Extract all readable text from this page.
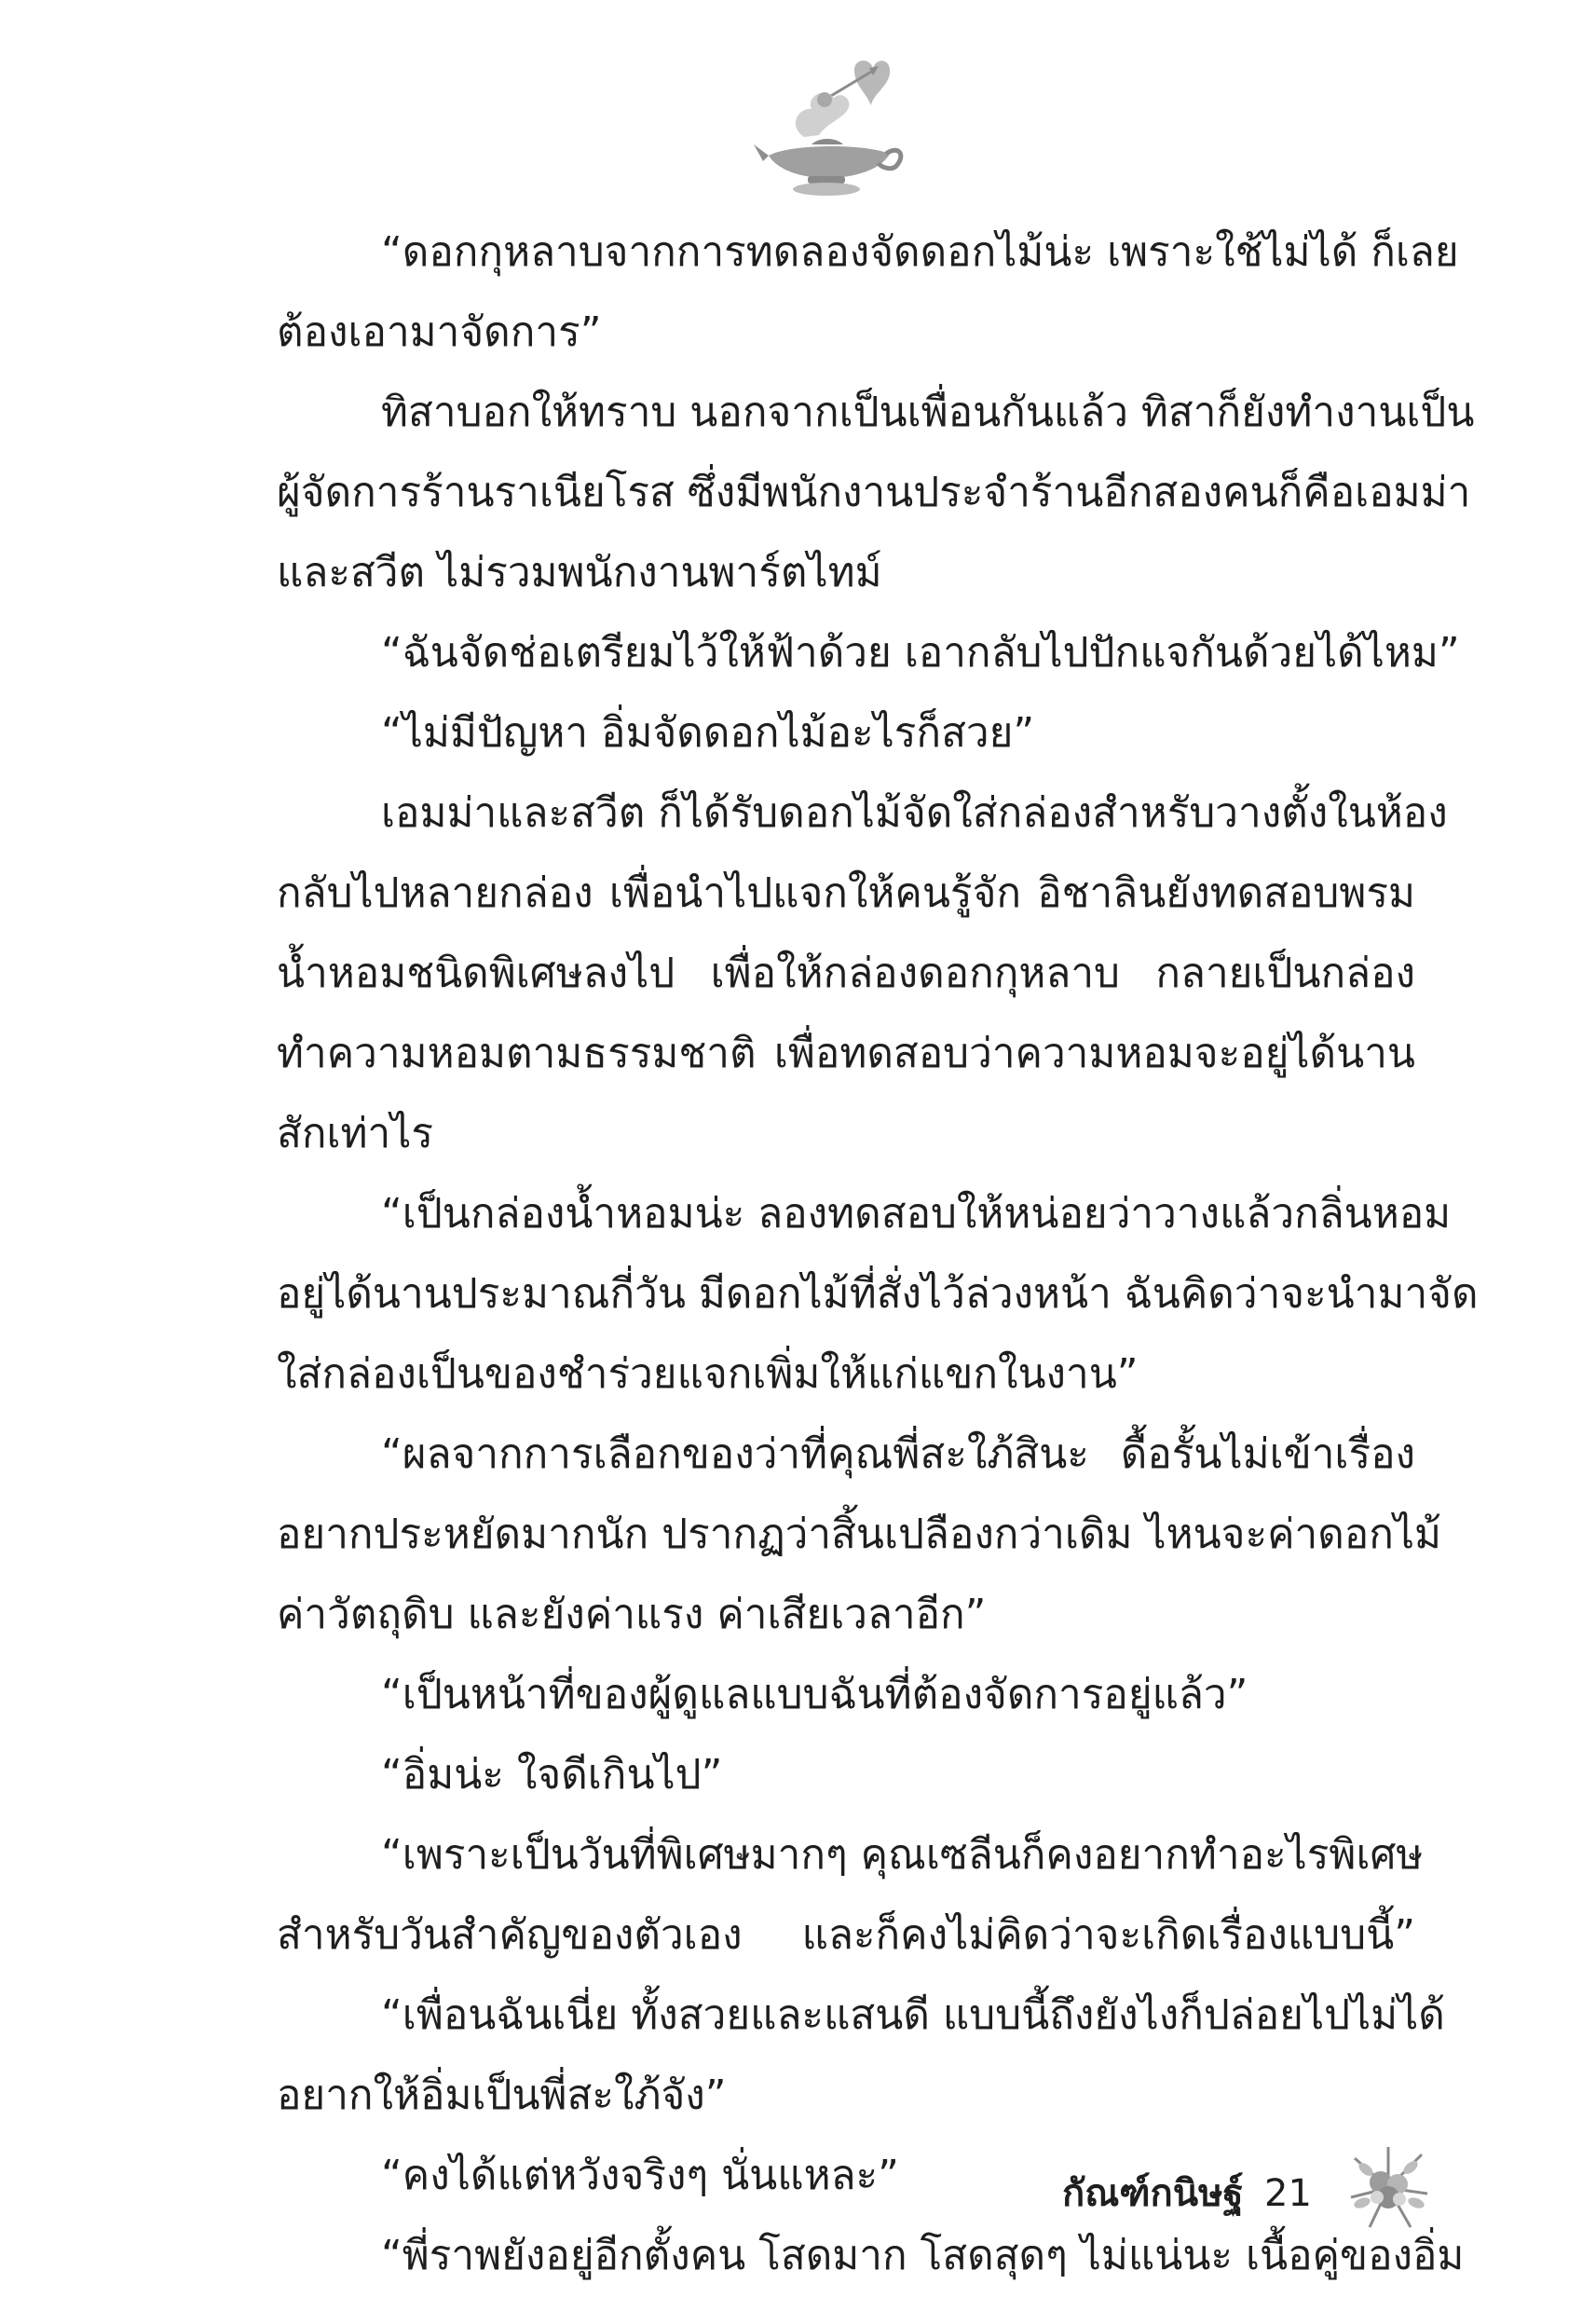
“ดอกกุหลาบจากการทดลองจัดดอกไม้น่ะ เพราะใช้ไม่ได้ ก็เลย
ต้องเอามาจัดการ”
ทิสาบอกให้ทราบ นอกจากเป็นเพื่อนกันแล้ว ทิสาก็ยังทำงานเป็น
ผู้จัดการร้านราเนียโรส ซึ่งมีพนักงานประจำร้านอีกสองคนก็คือเอมม่า
และสวีต ไม่รวมพนักงานพาร์ตไทม์
“ฉันจัดช่อเตรียมไว้ให้ฟ้าด้วย เอากลับไปปักแจกันด้วยได้ไหม”
“ไม่มีปัญหา อิ่มจัดดอกไม้อะไรก็สวย”
เอมม่าและสวีต ก็ได้รับดอกไม้จัดใส่กล่องสำหรับวางตั้งในห้อง
กลับไปหลายกล่อง เพื่อนำไปแจกให้คนรู้จัก อิชาลินยังทดสอบพรม
น้ำหอมชนิดพิเศษลงไป เพื่อให้กล่องดอกกุหลาบ กลายเป็นกล่อง
ทำความหอมตามธรรมชาติ เพื่อทดสอบว่าความหอมจะอยู่ได้นาน
สักเท่าไร
“เป็นกล่องน้ำหอมน่ะ ลองทดสอบให้หน่อยว่าวางแล้วกลิ่นหอม
อยู่ได้นานประมาณกี่วัน มีดอกไม้ที่สั่งไว้ล่วงหน้า ฉันคิดว่าจะนำมาจัด
ใส่กล่องเป็นของชำร่วยแจกเพิ่มให้แก่แขกในงาน”
“ผลจากการเลือกของว่าที่คุณพี่สะใภ้สินะ ดื้อรั้นไม่เข้าเรื่อง
อยากประหยัดมากนัก ปรากฏว่าสิ้นเปลืองกว่าเดิม ไหนจะค่าดอกไม้
ค่าวัตถุดิบ และยังค่าแรง ค่าเสียเวลาอีก”
“เป็นหน้าที่ของผู้ดูแลแบบฉันที่ต้องจัดการอยู่แล้ว”
“อิ่มน่ะ ใจดีเกินไป”
“เพราะเป็นวันที่พิเศษมากๆ คุณเซลีนก็คงอยากทำอะไรพิเศษ
สำหรับวันสำคัญของตัวเอง และก็คงไม่คิดว่าจะเกิดเรื่องแบบนี้”
“เพื่อนฉันเนี่ย ทั้งสวยและแสนดี แบบนี้ถึงยังไงก็ปล่อยไปไม่ได้
อยากให้อิ่มเป็นพี่สะใภ้จัง”
“คงได้แต่หวังจริงๆ นั่นแหละ”
“พี่ราพยังอยู่อีกตั้งคน โสดมาก โสดสุดๆ ไม่แน่นะ เนื้อคู่ของอิ่ม
กัณฑ์กนิษฐ์ 21
